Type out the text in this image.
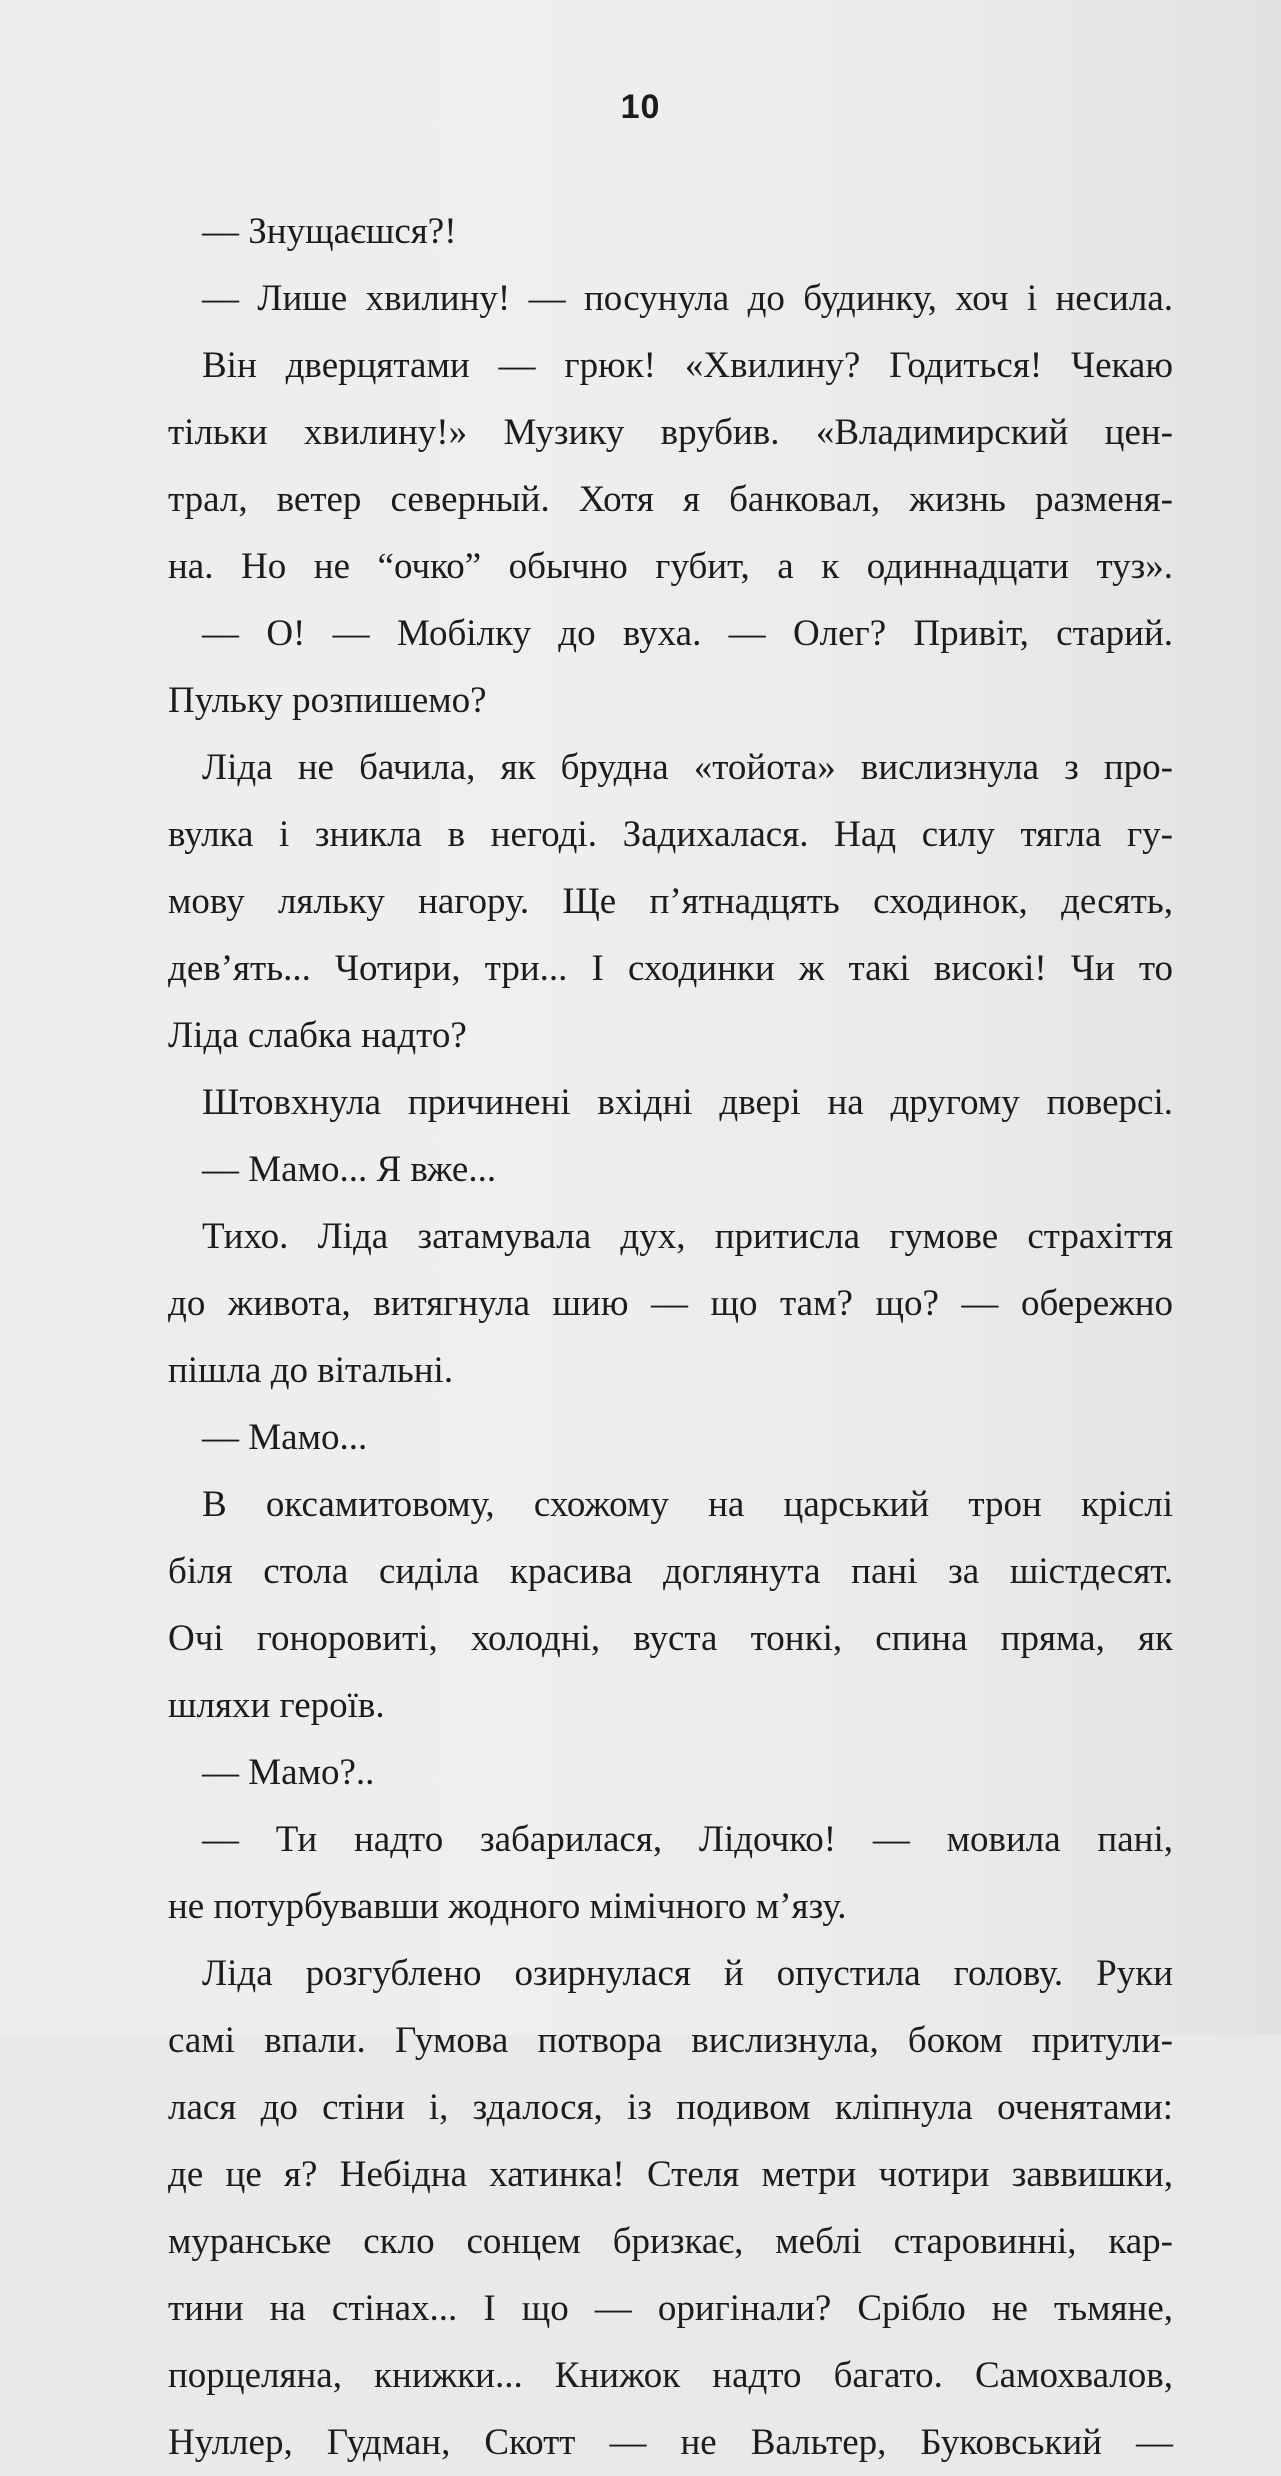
10
— Знущаєшся?!
— Лише хвилину! — посунула до будинку, хоч і несила.
Він дверцятами — грюк! «Хвилину? Годиться! Чекаю
тільки хвилину!» Музику врубив. «Владимирский цен-
трал, ветер северный. Хотя я банковал, жизнь разменя-
на. Но не “очко” обычно губит, а к одиннадцати туз».
— О! — Мобілку до вуха. — Олег? Привіт, старий.
Пульку розпишемо?
Ліда не бачила, як брудна «тойота» вислизнула з про-
вулка і зникла в негоді. Задихалася. Над силу тягла гу-
мову ляльку нагору. Ще п’ятнадцять сходинок, десять,
дев’ять... Чотири, три... І сходинки ж такі високі! Чи то
Ліда слабка надто?
Штовхнула причинені вхідні двері на другому поверсі.
— Мамо... Я вже...
Тихо. Ліда затамувала дух, притисла гумове страхіття
до живота, витягнула шию — що там? що? — обережно
пішла до вітальні.
— Мамо...
В оксамитовому, схожому на царський трон кріслі
біля стола сиділа красива доглянута пані за шістдесят.
Очі гоноровиті, холодні, вуста тонкі, спина пряма, як
шляхи героїв.
— Мамо?..
— Ти надто забарилася, Лідочко! — мовила пані,
не потурбувавши жодного мімічного м’язу.
Ліда розгублено озирнулася й опустила голову. Руки
самі впали. Гумова потвора вислизнула, боком притули-
лася до стіни і, здалося, із подивом кліпнула оченятами:
де це я? Небідна хатинка! Стеля метри чотири заввишки,
муранське скло сонцем бризкає, меблі старовинні, кар-
тини на стінах... І що — оригінали? Срібло не тьмяне,
порцеляна, книжки... Книжок надто багато. Самохвалов,
Нуллер, Гудман, Скотт — не Вальтер, Буковський —
